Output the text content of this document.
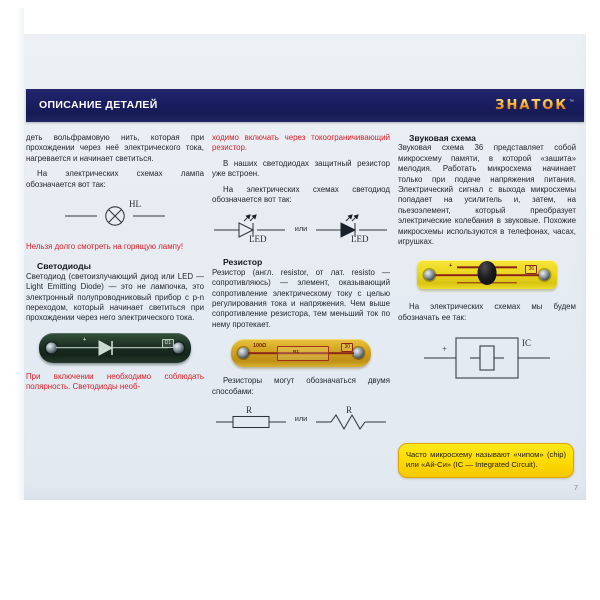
ОПИСАНИЕ ДЕТАЛЕЙ	ЗНАТОК ™

деть вольфрамовую нить, которая при прохождении через неё электрического тока, нагревается и начинает светиться.

На электрических схемах лампа обозначается вот так:

HL

Нельзя долго смотреть на горящую лампу!

Светодиоды

Светодиод (светоизлучающий диод или LED — Light Emitting Diode) — это не лампочка, это электронный полупроводниковый прибор с p-n переходом, который начинает светиться при прохождении через него электрического тока.

+	D1

При включении необходимо соблюдать полярность. Светодиоды необ-

ходимо включать через токоограничивающий резистор.

В наших светодиодах защитный резистор уже встроен.

На электрических схемах светодиод обозначается вот так:

LED
или
LED
Резистор

Резистор (англ. resistor, от лат. resisto — сопротивляюсь) — элемент, оказывающий сопротивление электрическому току с целью регулирования тока и напряжения. Чем выше сопротивление резистора, тем меньший ток по нему протекает.

100Ω
R1
30

Резисторы могут обозначаться двумя способами:

R
или
R
Звуковая схема

Звуковая схема 36 представляет собой микросхему памяти, в которой «зашита» мелодия. Работать микросхема начинает только при подаче напряжения питания. Электрический сигнал с выхода микросхемы попадает на усилитель и, затем, на пьезоэлемент, который преобразует электрические колебания в звуковые. Похожие микросхемы используются в телефонах, часах, игрушках.

+	36

На электрических схемах мы будем обозначать ее так:

+
IC
Часто микросхему называют «чипом» (chip) или «Ай-Си» (IC — Integrated Circuit).
7
